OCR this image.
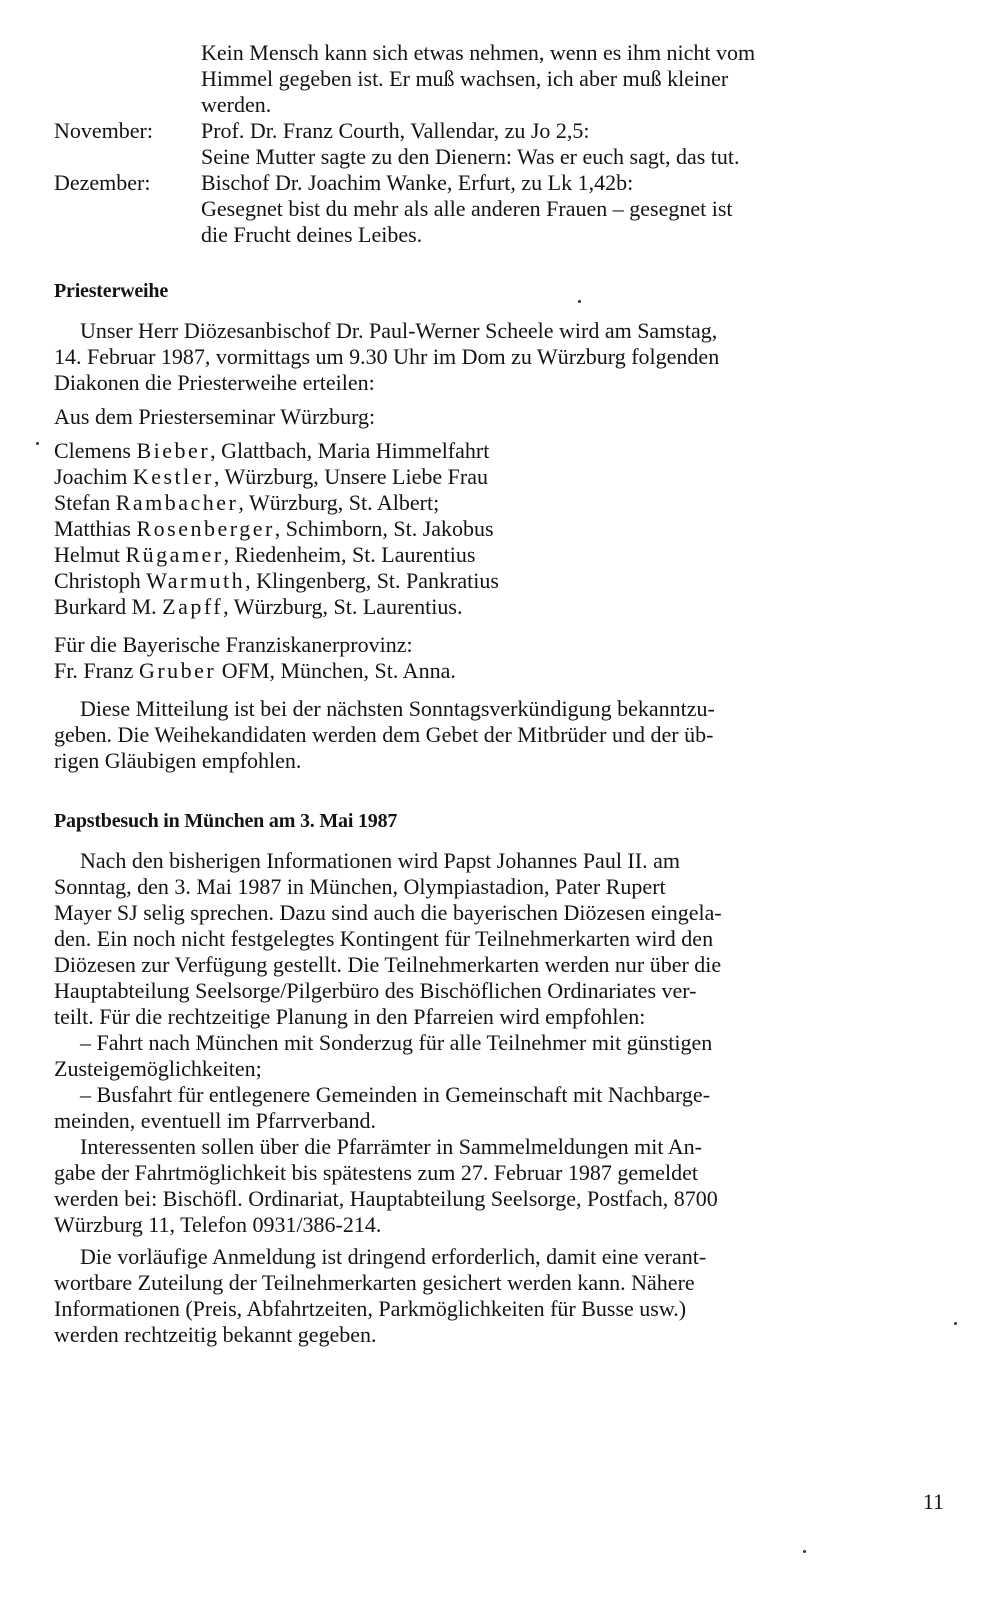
Kein Mensch kann sich etwas nehmen, wenn es ihm nicht vom
Himmel gegeben ist. Er muß wachsen, ich aber muß kleiner
werden.
November:	Prof. Dr. Franz Courth, Vallendar, zu Jo 2,5:
Seine Mutter sagte zu den Dienern: Was er euch sagt, das tut.
Dezember:	Bischof Dr. Joachim Wanke, Erfurt, zu Lk 1,42b:
Gesegnet bist du mehr als alle anderen Frauen – gesegnet ist
die Frucht deines Leibes.
Priesterweihe
Unser Herr Diözesanbischof Dr. Paul-Werner Scheele wird am Samstag,
14. Februar 1987, vormittags um 9.30 Uhr im Dom zu Würzburg folgenden
Diakonen die Priesterweihe erteilen:
Aus dem Priesterseminar Würzburg:
Clemens Bieber, Glattbach, Maria Himmelfahrt
Joachim Kestler, Würzburg, Unsere Liebe Frau
Stefan Rambacher, Würzburg, St. Albert;
Matthias Rosenberger, Schimborn, St. Jakobus
Helmut Rügamer, Riedenheim, St. Laurentius
Christoph Warmuth, Klingenberg, St. Pankratius
Burkard M. Zapff, Würzburg, St. Laurentius.
Für die Bayerische Franziskanerprovinz:
Fr. Franz Gruber OFM, München, St. Anna.
Diese Mitteilung ist bei der nächsten Sonntagsverkündigung bekanntzu-
geben. Die Weihekandidaten werden dem Gebet der Mitbrüder und der üb-
rigen Gläubigen empfohlen.
Papstbesuch in München am 3. Mai 1987
Nach den bisherigen Informationen wird Papst Johannes Paul II. am
Sonntag, den 3. Mai 1987 in München, Olympiastadion, Pater Rupert
Mayer SJ selig sprechen. Dazu sind auch die bayerischen Diözesen eingela-
den. Ein noch nicht festgelegtes Kontingent für Teilnehmerkarten wird den
Diözesen zur Verfügung gestellt. Die Teilnehmerkarten werden nur über die
Hauptabteilung Seelsorge/Pilgerbüro des Bischöflichen Ordinariates ver-
teilt. Für die rechtzeitige Planung in den Pfarreien wird empfohlen:
– Fahrt nach München mit Sonderzug für alle Teilnehmer mit günstigen
Zusteigemöglichkeiten;
– Busfahrt für entlegenere Gemeinden in Gemeinschaft mit Nachbarge-
meinden, eventuell im Pfarrverband.
Interessenten sollen über die Pfarrämter in Sammelmeldungen mit An-
gabe der Fahrtmöglichkeit bis spätestens zum 27. Februar 1987 gemeldet
werden bei: Bischöfl. Ordinariat, Hauptabteilung Seelsorge, Postfach, 8700
Würzburg 11, Telefon 0931/386-214.
Die vorläufige Anmeldung ist dringend erforderlich, damit eine verant-
wortbare Zuteilung der Teilnehmerkarten gesichert werden kann. Nähere
Informationen (Preis, Abfahrtzeiten, Parkmöglichkeiten für Busse usw.)
werden rechtzeitig bekannt gegeben.
11
